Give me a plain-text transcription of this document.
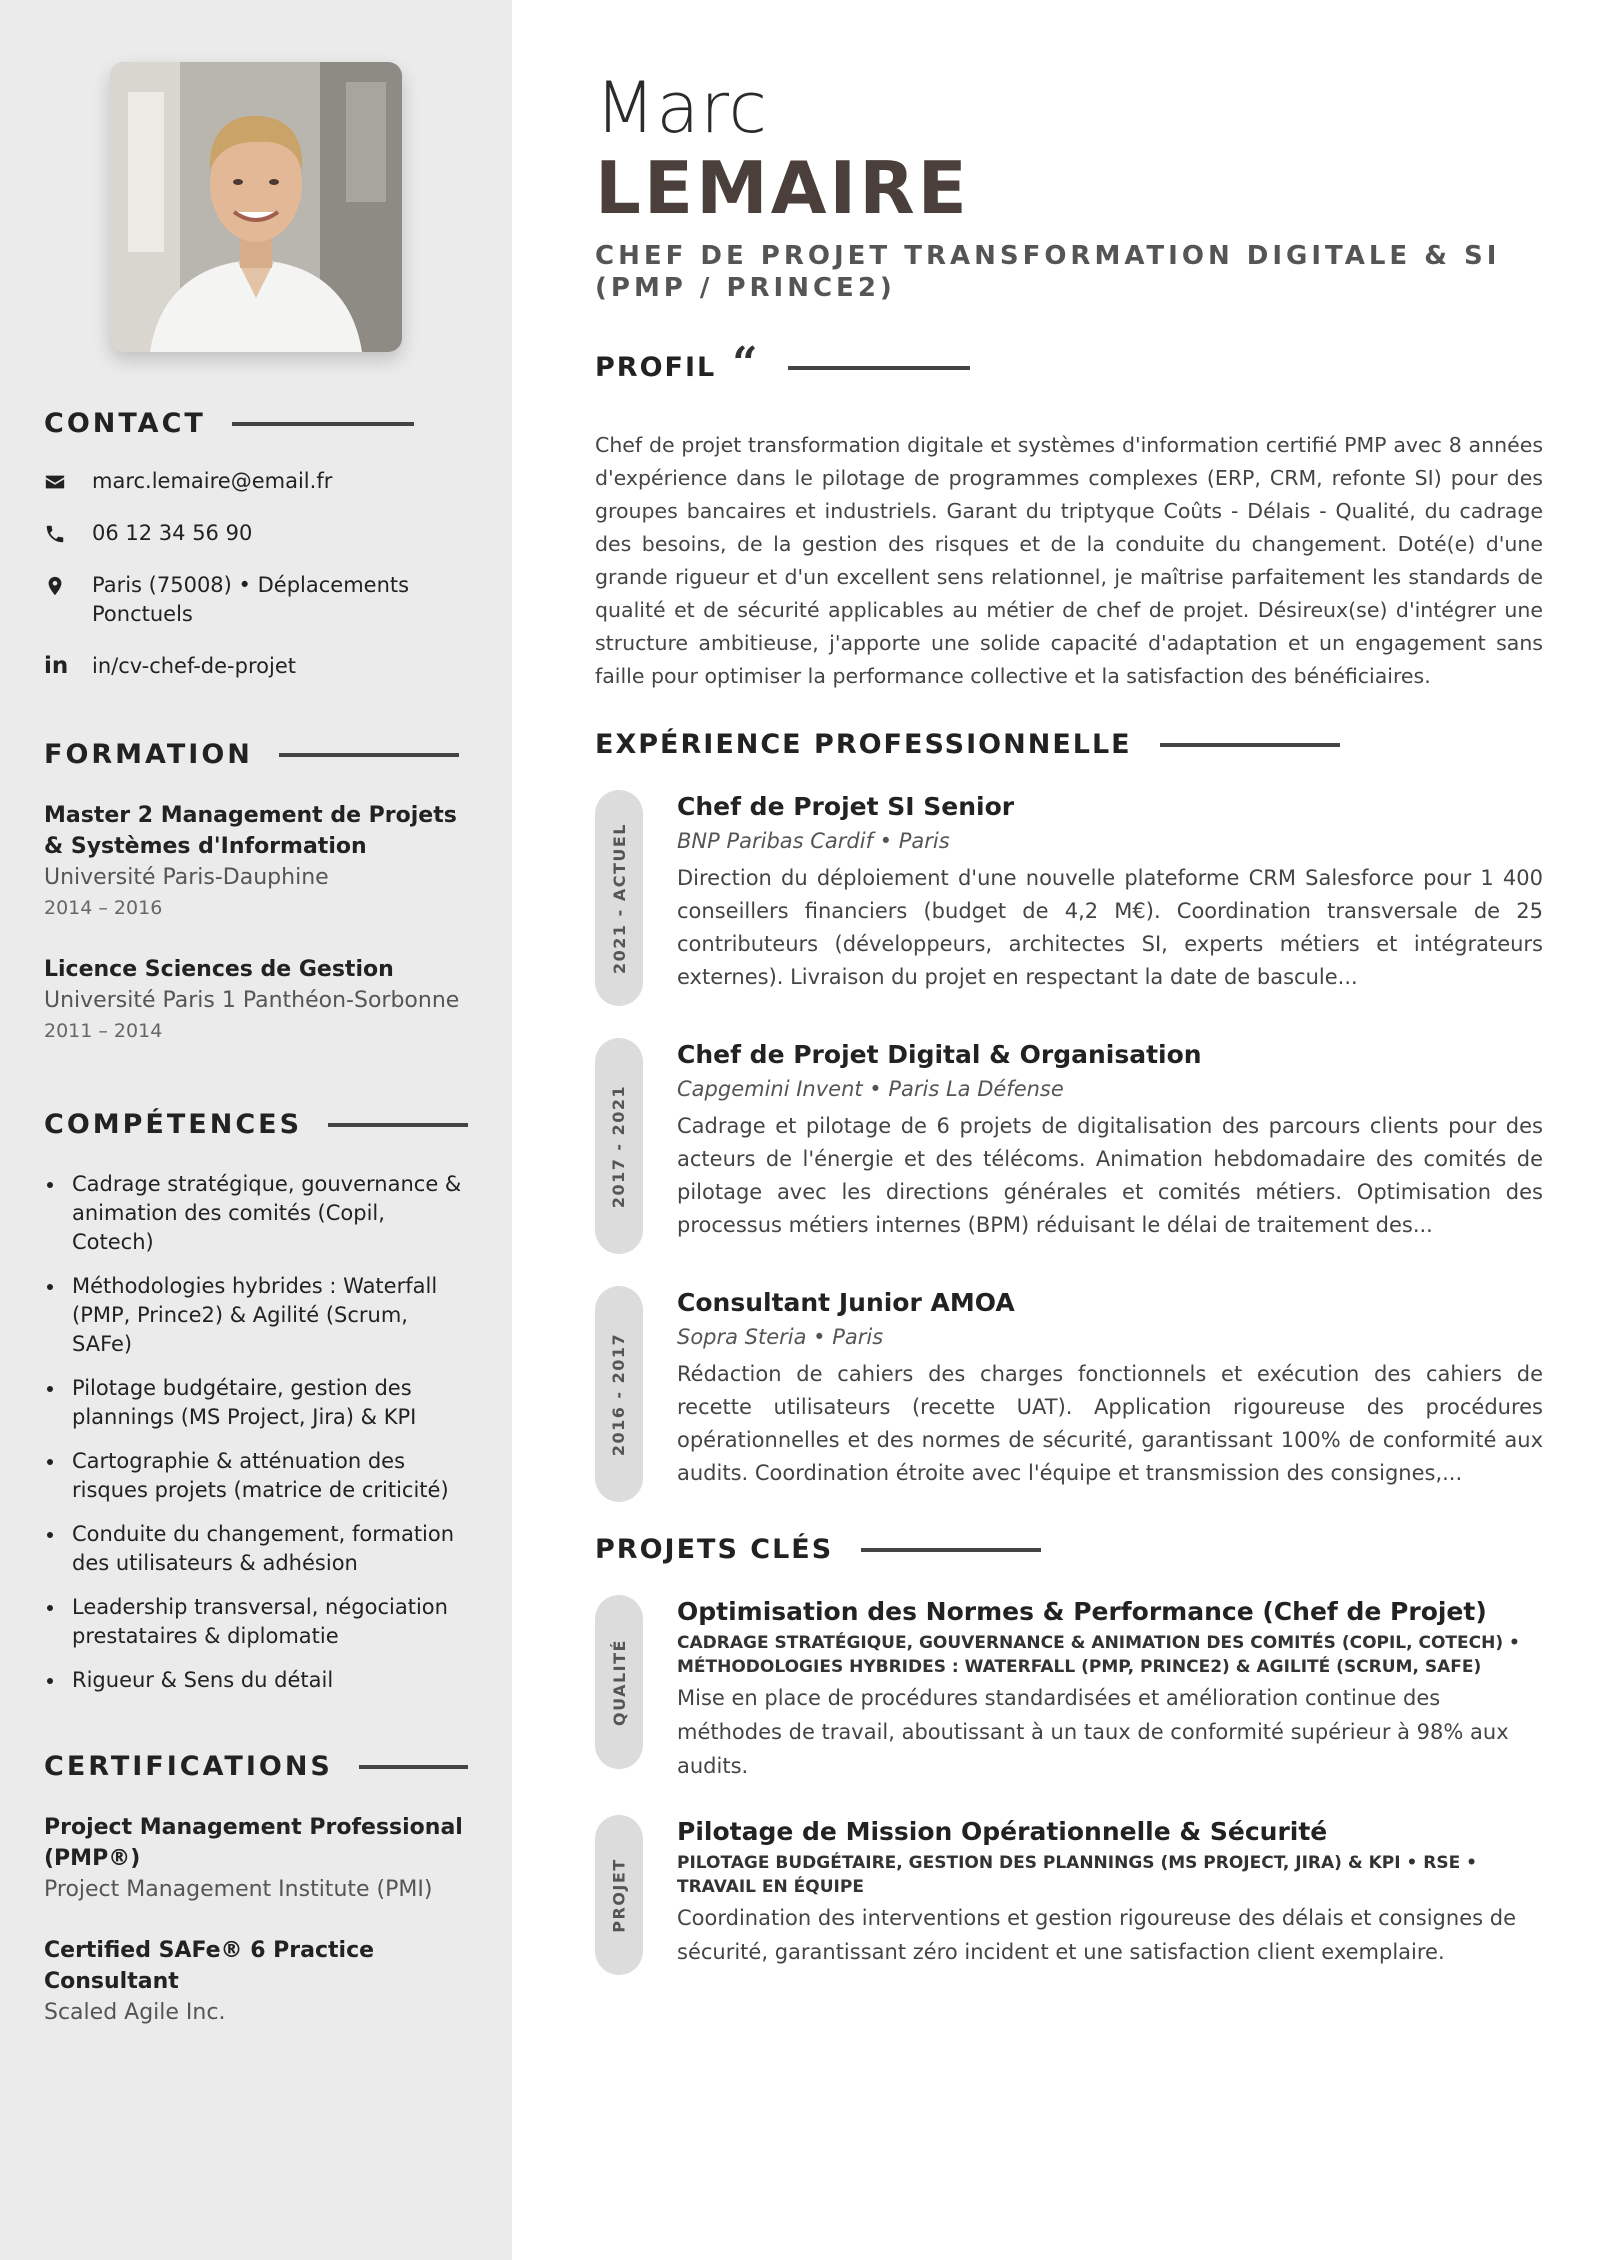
CONTACT
marc.lemaire@email.fr
06 12 34 56 90
Paris (75008) • Déplacements Ponctuels
in	in/cv-chef-de-projet
FORMATION
Master 2 Management de Projets & Systèmes d'Information
Université Paris-Dauphine
2014 – 2016
Licence Sciences de Gestion
Université Paris 1 Panthéon-Sorbonne
2011 – 2014
COMPÉTENCES
Cadrage stratégique, gouvernance & animation des comités (Copil, Cotech)
Méthodologies hybrides : Waterfall (PMP, Prince2) & Agilité (Scrum, SAFe)
Pilotage budgétaire, gestion des plannings (MS Project, Jira) & KPI
Cartographie & atténuation des risques projets (matrice de criticité)
Conduite du changement, formation des utilisateurs & adhésion
Leadership transversal, négociation prestataires & diplomatie
Rigueur & Sens du détail
CERTIFICATIONS
Project Management Professional (PMP®)
Project Management Institute (PMI)
Certified SAFe® 6 Practice Consultant
Scaled Agile Inc.
Marc
LEMAIRE
CHEF DE PROJET TRANSFORMATION DIGITALE & SI (PMP / PRINCE2)
PROFIL “

Chef de projet transformation digitale et systèmes d'information certifié PMP avec 8 années d'expérience dans le pilotage de programmes complexes (ERP, CRM, refonte SI) pour des groupes bancaires et industriels. Garant du triptyque Coûts - Délais - Qualité, du cadrage des besoins, de la gestion des risques et de la conduite du changement. Doté(e) d'une grande rigueur et d'un excellent sens relationnel, je maîtrise parfaitement les standards de qualité et de sécurité applicables au métier de chef de projet. Désireux(se) d'intégrer une structure ambitieuse, j'apporte une solide capacité d'adaptation et un engagement sans faille pour optimiser la performance collective et la satisfaction des bénéficiaires.

EXPÉRIENCE PROFESSIONNELLE
2021 - ACTUEL
Chef de Projet SI Senior
BNP Paribas Cardif • Paris
Direction du déploiement d'une nouvelle plateforme CRM Salesforce pour 1 400 conseillers financiers (budget de 4,2 M€). Coordination transversale de 25 contributeurs (développeurs, architectes SI, experts métiers et intégrateurs externes). Livraison du projet en respectant la date de bascule...
2017 - 2021
Chef de Projet Digital & Organisation
Capgemini Invent • Paris La Défense
Cadrage et pilotage de 6 projets de digitalisation des parcours clients pour des acteurs de l'énergie et des télécoms. Animation hebdomadaire des comités de pilotage avec les directions générales et comités métiers. Optimisation des processus métiers internes (BPM) réduisant le délai de traitement des...
2016 - 2017
Consultant Junior AMOA
Sopra Steria • Paris
Rédaction de cahiers des charges fonctionnels et exécution des cahiers de recette utilisateurs (recette UAT). Application rigoureuse des procédures opérationnelles et des normes de sécurité, garantissant 100% de conformité aux audits. Coordination étroite avec l'équipe et transmission des consignes,...
PROJETS CLÉS
QUALITÉ
Optimisation des Normes & Performance (Chef de Projet)
CADRAGE STRATÉGIQUE, GOUVERNANCE & ANIMATION DES COMITÉS (COPIL, COTECH) • MÉTHODOLOGIES HYBRIDES : WATERFALL (PMP, PRINCE2) & AGILITÉ (SCRUM, SAFE)
Mise en place de procédures standardisées et amélioration continue des méthodes de travail, aboutissant à un taux de conformité supérieur à 98% aux audits.
PROJET
Pilotage de Mission Opérationnelle & Sécurité
PILOTAGE BUDGÉTAIRE, GESTION DES PLANNINGS (MS PROJECT, JIRA) & KPI • RSE • TRAVAIL EN ÉQUIPE
Coordination des interventions et gestion rigoureuse des délais et consignes de sécurité, garantissant zéro incident et une satisfaction client exemplaire.
